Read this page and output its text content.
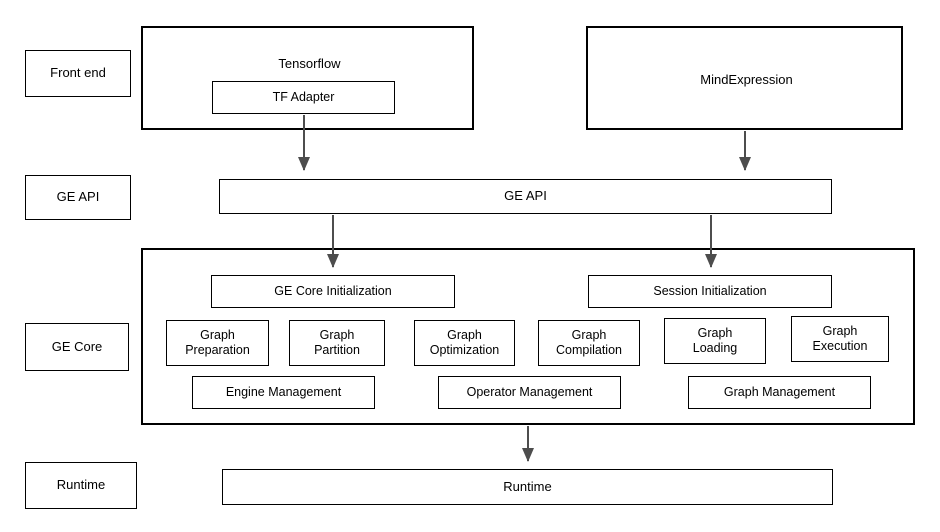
Front end
GE API
GE Core
Runtime
Tensorflow
TF Adapter
MindExpression
GE API
GE Core Initialization	Session Initialization
Graph
Preparation
Graph
Partition
Graph
Optimization
Graph
Compilation
Graph
Loading
Graph
Execution
Engine Management	Operator Management	Graph Management
Runtime
